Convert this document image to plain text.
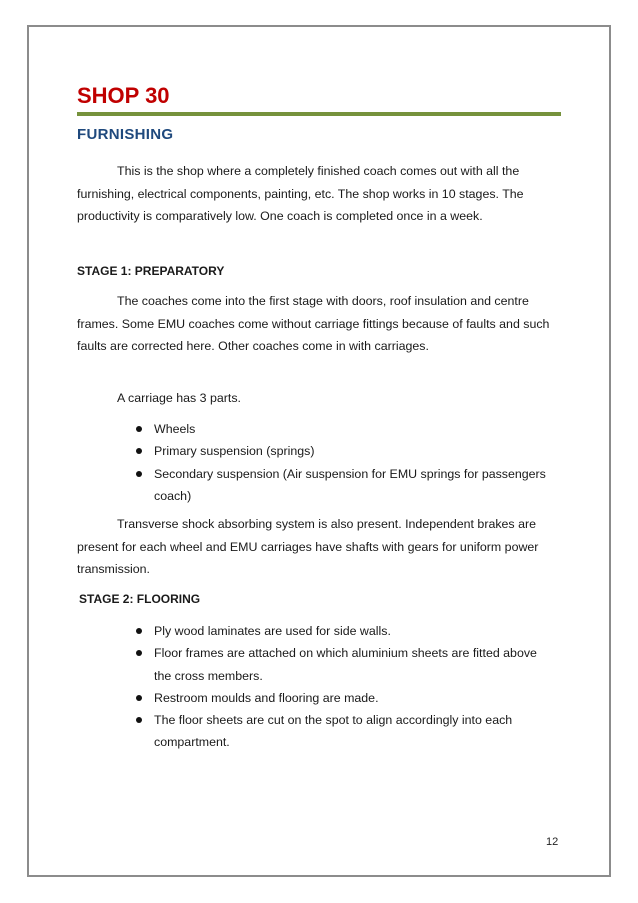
SHOP 30
FURNISHING

This is the shop where a completely finished coach comes out with all the furnishing, electrical components, painting, etc. The shop works in 10 stages. The productivity is comparatively low. One coach is completed once in a week.

STAGE 1: PREPARATORY

The coaches come into the first stage with doors, roof insulation and centre frames. Some EMU coaches come without carriage fittings because of faults and such faults are corrected here. Other coaches come in with carriages.

A carriage has 3 parts.
Wheels
Primary suspension (springs)
Secondary suspension (Air suspension for EMU springs for passengers coach)

Transverse shock absorbing system is also present. Independent brakes are present for each wheel and EMU carriages have shafts with gears for uniform power transmission.

STAGE 2: FLOORING
Ply wood laminates are used for side walls.
Floor frames are attached on which aluminium sheets are fitted above the cross members.
Restroom moulds and flooring are made.
The floor sheets are cut on the spot to align accordingly into each compartment.
12
